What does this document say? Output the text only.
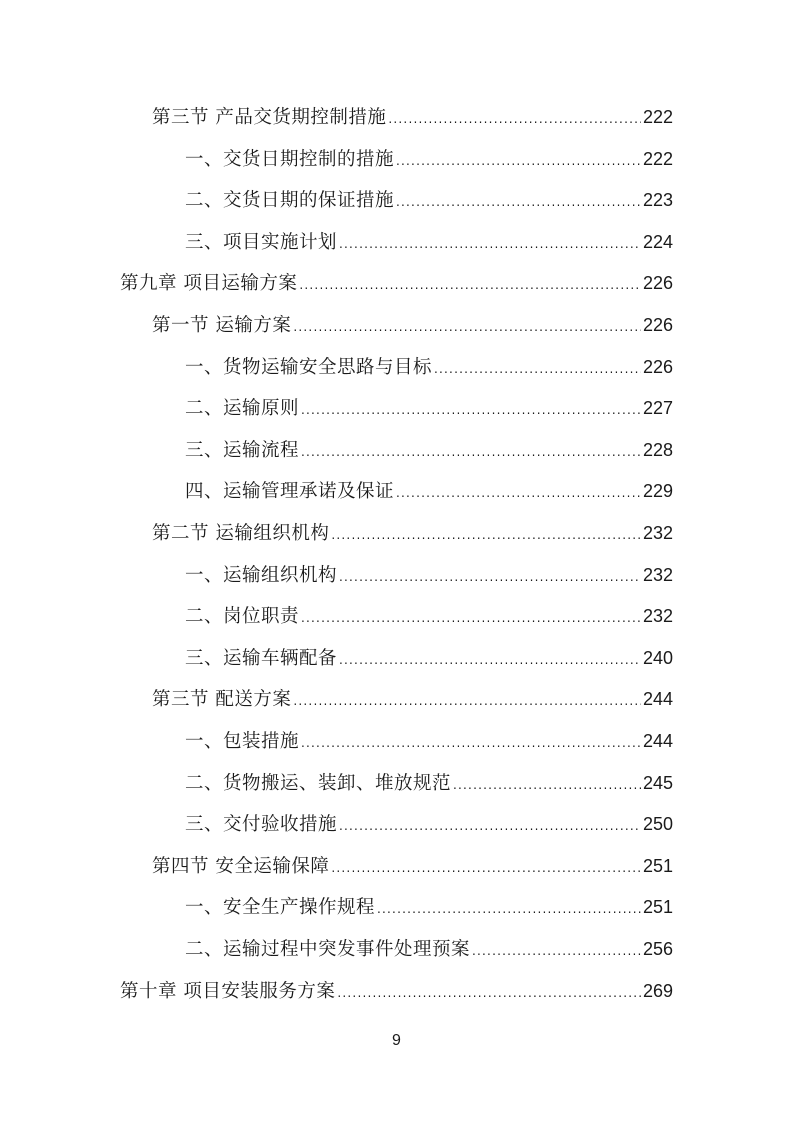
第三节 产品交货期控制措施 .....	222
一、交货日期控制的措施 .....	222
二、交货日期的保证措施 .....	223
三、项目实施计划 .....	224
第九章 项目运输方案 .....	226
第一节 运输方案 .....	226
一、货物运输安全思路与目标 .....	226
二、运输原则 .....	227
三、运输流程 .....	228
四、运输管理承诺及保证 .....	229
第二节 运输组织机构 .....	232
一、运输组织机构 .....	232
二、岗位职责 .....	232
三、运输车辆配备 .....	240
第三节 配送方案 .....	244
一、包装措施 .....	244
二、货物搬运、装卸、堆放规范 .....	245
三、交付验收措施 .....	250
第四节 安全运输保障 .....	251
一、安全生产操作规程 .....	251
二、运输过程中突发事件处理预案 .....	256
第十章 项目安装服务方案 .....	269
9
